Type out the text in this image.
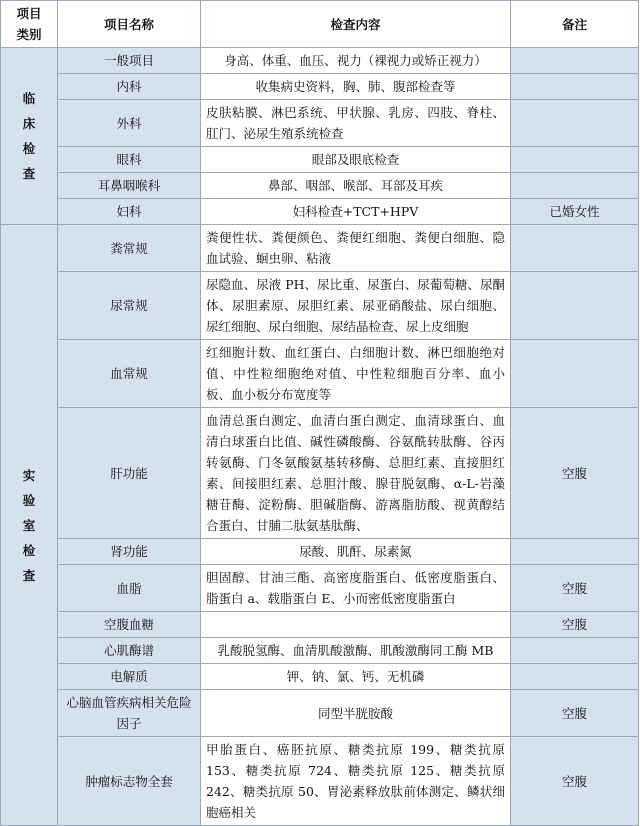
项目类别	项目名称	检查内容	备注
临床检查	一般项目	身高、体重、血压、视力（裸视力或矫正视力）	
	内科	收集病史资料，胸、肺、腹部检查等	
	外科	皮肤粘膜、淋巴系统、甲状腺、乳房、四肢、脊柱、肛门、泌尿生殖系统检查	
	眼科	眼部及眼底检查	
	耳鼻咽喉科	鼻部、咽部、喉部、耳部及耳疾	
	妇科	妇科检查+TCT+HPV	已婚女性
实验室检查	粪常规	粪便性状、粪便颜色、粪便红细胞、粪便白细胞、隐血试验、蛔虫卵、粘液	
	尿常规	尿隐血、尿液 PH、尿比重、尿蛋白、尿葡萄糖、尿酮体、尿胆素原、尿胆红素、尿亚硝酸盐、尿白细胞、尿红细胞、尿白细胞、尿结晶检查、尿上皮细胞	
	血常规	红细胞计数、血红蛋白、白细胞计数、淋巴细胞绝对值、中性粒细胞绝对值、中性粒细胞百分率、血小板、血小板分布宽度等	
	肝功能	血清总蛋白测定、血清白蛋白测定、血清球蛋白、血清白球蛋白比值、碱性磷酸酶、谷氨酰转肽酶、谷丙转氨酶、门冬氨酸氨基转移酶、总胆红素、直接胆红素、间接胆红素、总胆汁酸、腺苷脱氨酶、α-L-岩藻糖苷酶、淀粉酶、胆碱脂酶、游离脂肪酸、视黄醇结合蛋白、甘脯二肽氨基肽酶、	空腹
	肾功能	尿酸、肌酐、尿素氮	
	血脂	胆固醇、甘油三酯、高密度脂蛋白、低密度脂蛋白、脂蛋白 a、载脂蛋白 E、小而密低密度脂蛋白	空腹
	空腹血糖		空腹
	心肌酶谱	乳酸脱氢酶、血清肌酸激酶、肌酸激酶同工酶 MB	
	电解质	钾、钠、氯、钙、无机磷	
	心脑血管疾病相关危险因子	同型半胱胺酸	空腹
	肿瘤标志物全套	甲胎蛋白、癌胚抗原、糖类抗原 199、糖类抗原 153、糖类抗原 724、糖类抗原 125、糖类抗原 242、糖类抗原 50、胃泌素释放肽前体测定、鳞状细胞癌相关	空腹
